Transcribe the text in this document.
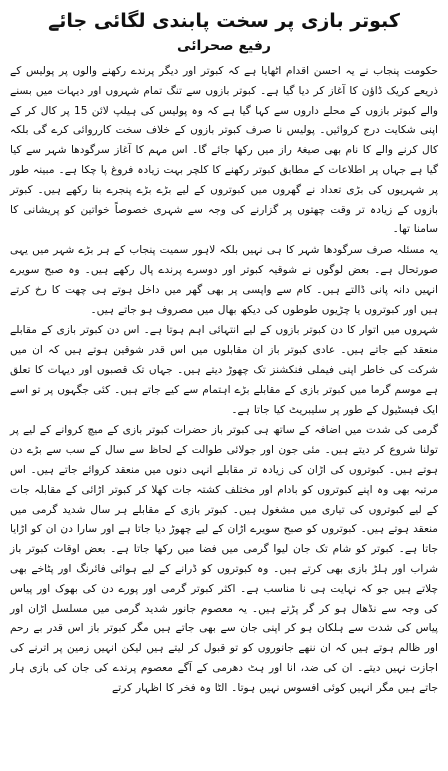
کبوتر بازی پر سخت پابندی لگائی جائے
رفیع صحرائی

حکومت پنجاب نے یہ احسن اقدام اٹھایا ہے کہ کبوتر اور دیگر پرندے رکھنے والوں پر پولیس کے ذریعے کریک ڈاؤن کا آغاز کر دیا گیا ہے۔ کبوتر بازوں سے تنگ تمام شہروں اور دیہات میں بسنے والے کبوتر بازوں کے محلے داروں سے کہا گیا ہے کہ وہ پولیس کی ہیلپ لائن 15 پر کال کر کے اپنی شکایت درج کروائیں۔ پولیس نا صرف کبوتر بازوں کے خلاف سخت کارروائی کرے گی بلکہ کال کرنے والے کا نام بھی صیغۂ راز میں رکھا جائے گا۔ اس مہم کا آغاز سرگودھا شہر سے کیا گیا ہے جہاں پر اطلاعات کے مطابق کبوتر رکھنے کا کلچر بہت زیادہ فروغ پا چکا ہے۔ مبینہ طور پر شہریوں کی بڑی تعداد نے گھروں میں کبوتروں کے لیے بڑے بڑے پنجرے بنا رکھے ہیں۔ کبوتر بازوں کے زیادہ تر وقت چھتوں پر گزارنے کی وجہ سے شہری خصوصاً خواتین کو پریشانی کا سامنا تھا۔

یہ مسئلہ صرف سرگودھا شہر کا ہی نہیں بلکہ لاہور سمیت پنجاب کے ہر بڑے شہر میں یہی صورتحال ہے۔ بعض لوگوں نے شوقیہ کبوتر اور دوسرے پرندے پال رکھے ہیں۔ وہ صبح سویرے انہیں دانہ پانی ڈالتے ہیں۔ کام سے واپسی پر بھی گھر میں داخل ہوتے ہی چھت کا رخ کرتے ہیں اور کبوتروں یا چڑیوں طوطوں کی دیکھ بھال میں مصروف ہو جاتے ہیں۔

شہروں میں اتوار کا دن کبوتر بازوں کے لیے انتہائی اہم ہوتا ہے۔ اس دن کبوتر بازی کے مقابلے منعقد کیے جاتے ہیں۔ عادی کبوتر باز ان مقابلوں میں اس قدر شوقین ہوتے ہیں کہ ان میں شرکت کی خاطر اپنی فیملی فنکشنز تک چھوڑ دیتے ہیں۔ جہاں تک قصبوں اور دیہات کا تعلق ہے موسم گرما میں کبوتر بازی کے مقابلے بڑے اہتمام سے کیے جاتے ہیں۔ کئی جگہوں پر تو اسے ایک فیسٹیول کے طور پر سلیبریٹ کیا جاتا ہے۔

گرمی کی شدت میں اضافہ کے ساتھ ہی کبوتر باز حضرات کبوتر بازی کے میچ کروانے کے لیے پر تولنا شروع کر دیتے ہیں۔ مئی جون اور جولائی طوالت کے لحاظ سے سال کے سب سے بڑے دن ہوتے ہیں۔ کبوتروں کی اڑان کی زیادہ تر مقابلے انہی دنوں میں منعقد کروائے جاتے ہیں۔ اس مرتبہ بھی وہ اپنے کبوتروں کو بادام اور مختلف کشتہ جات کھلا کر کبوتر اڑائی کے مقابلہ جات کے لیے کبوتروں کی تیاری میں مشغول ہیں۔ کبوتر بازی کے مقابلے ہر سال شدید گرمی میں منعقد ہوتے ہیں۔ کبوتروں کو صبح سویرے اڑان کے لیے چھوڑ دیا جاتا ہے اور سارا دن ان کو اڑایا جاتا ہے۔ کبوتر کو شام تک جان لیوا گرمی میں فضا میں رکھا جاتا ہے۔ بعض اوقات کبوتر باز شراب اور ہلڑ بازی بھی کرتے ہیں۔ وہ کبوتروں کو ڈرانے کے لیے ہوائی فائرنگ اور پٹاخے بھی چلاتے ہیں جو کہ نہایت ہی نا مناسب ہے۔ اکثر کبوتر گرمی اور پورے دن کی بھوک اور پیاس کی وجہ سے نڈھال ہو کر گر پڑتے ہیں۔ یہ معصوم جانور شدید گرمی میں مسلسل اڑان اور پیاس کی شدت سے ہلکان ہو کر اپنی جان سے بھی جاتے ہیں مگر کبوتر باز اس قدر بے رحم اور ظالم ہوتے ہیں کہ ان ننھے جانوروں کو تو قبول کر لیتے ہیں لیکن انہیں زمین پر اترنے کی اجازت نہیں دیتے۔ ان کی ضد، انا اور ہٹ دھرمی کے آگے معصوم پرندے کی جان کی بازی ہار جاتے ہیں مگر انہیں کوئی افسوس نہیں ہوتا۔ الٹا وہ فخر کا اظہار کرتے
